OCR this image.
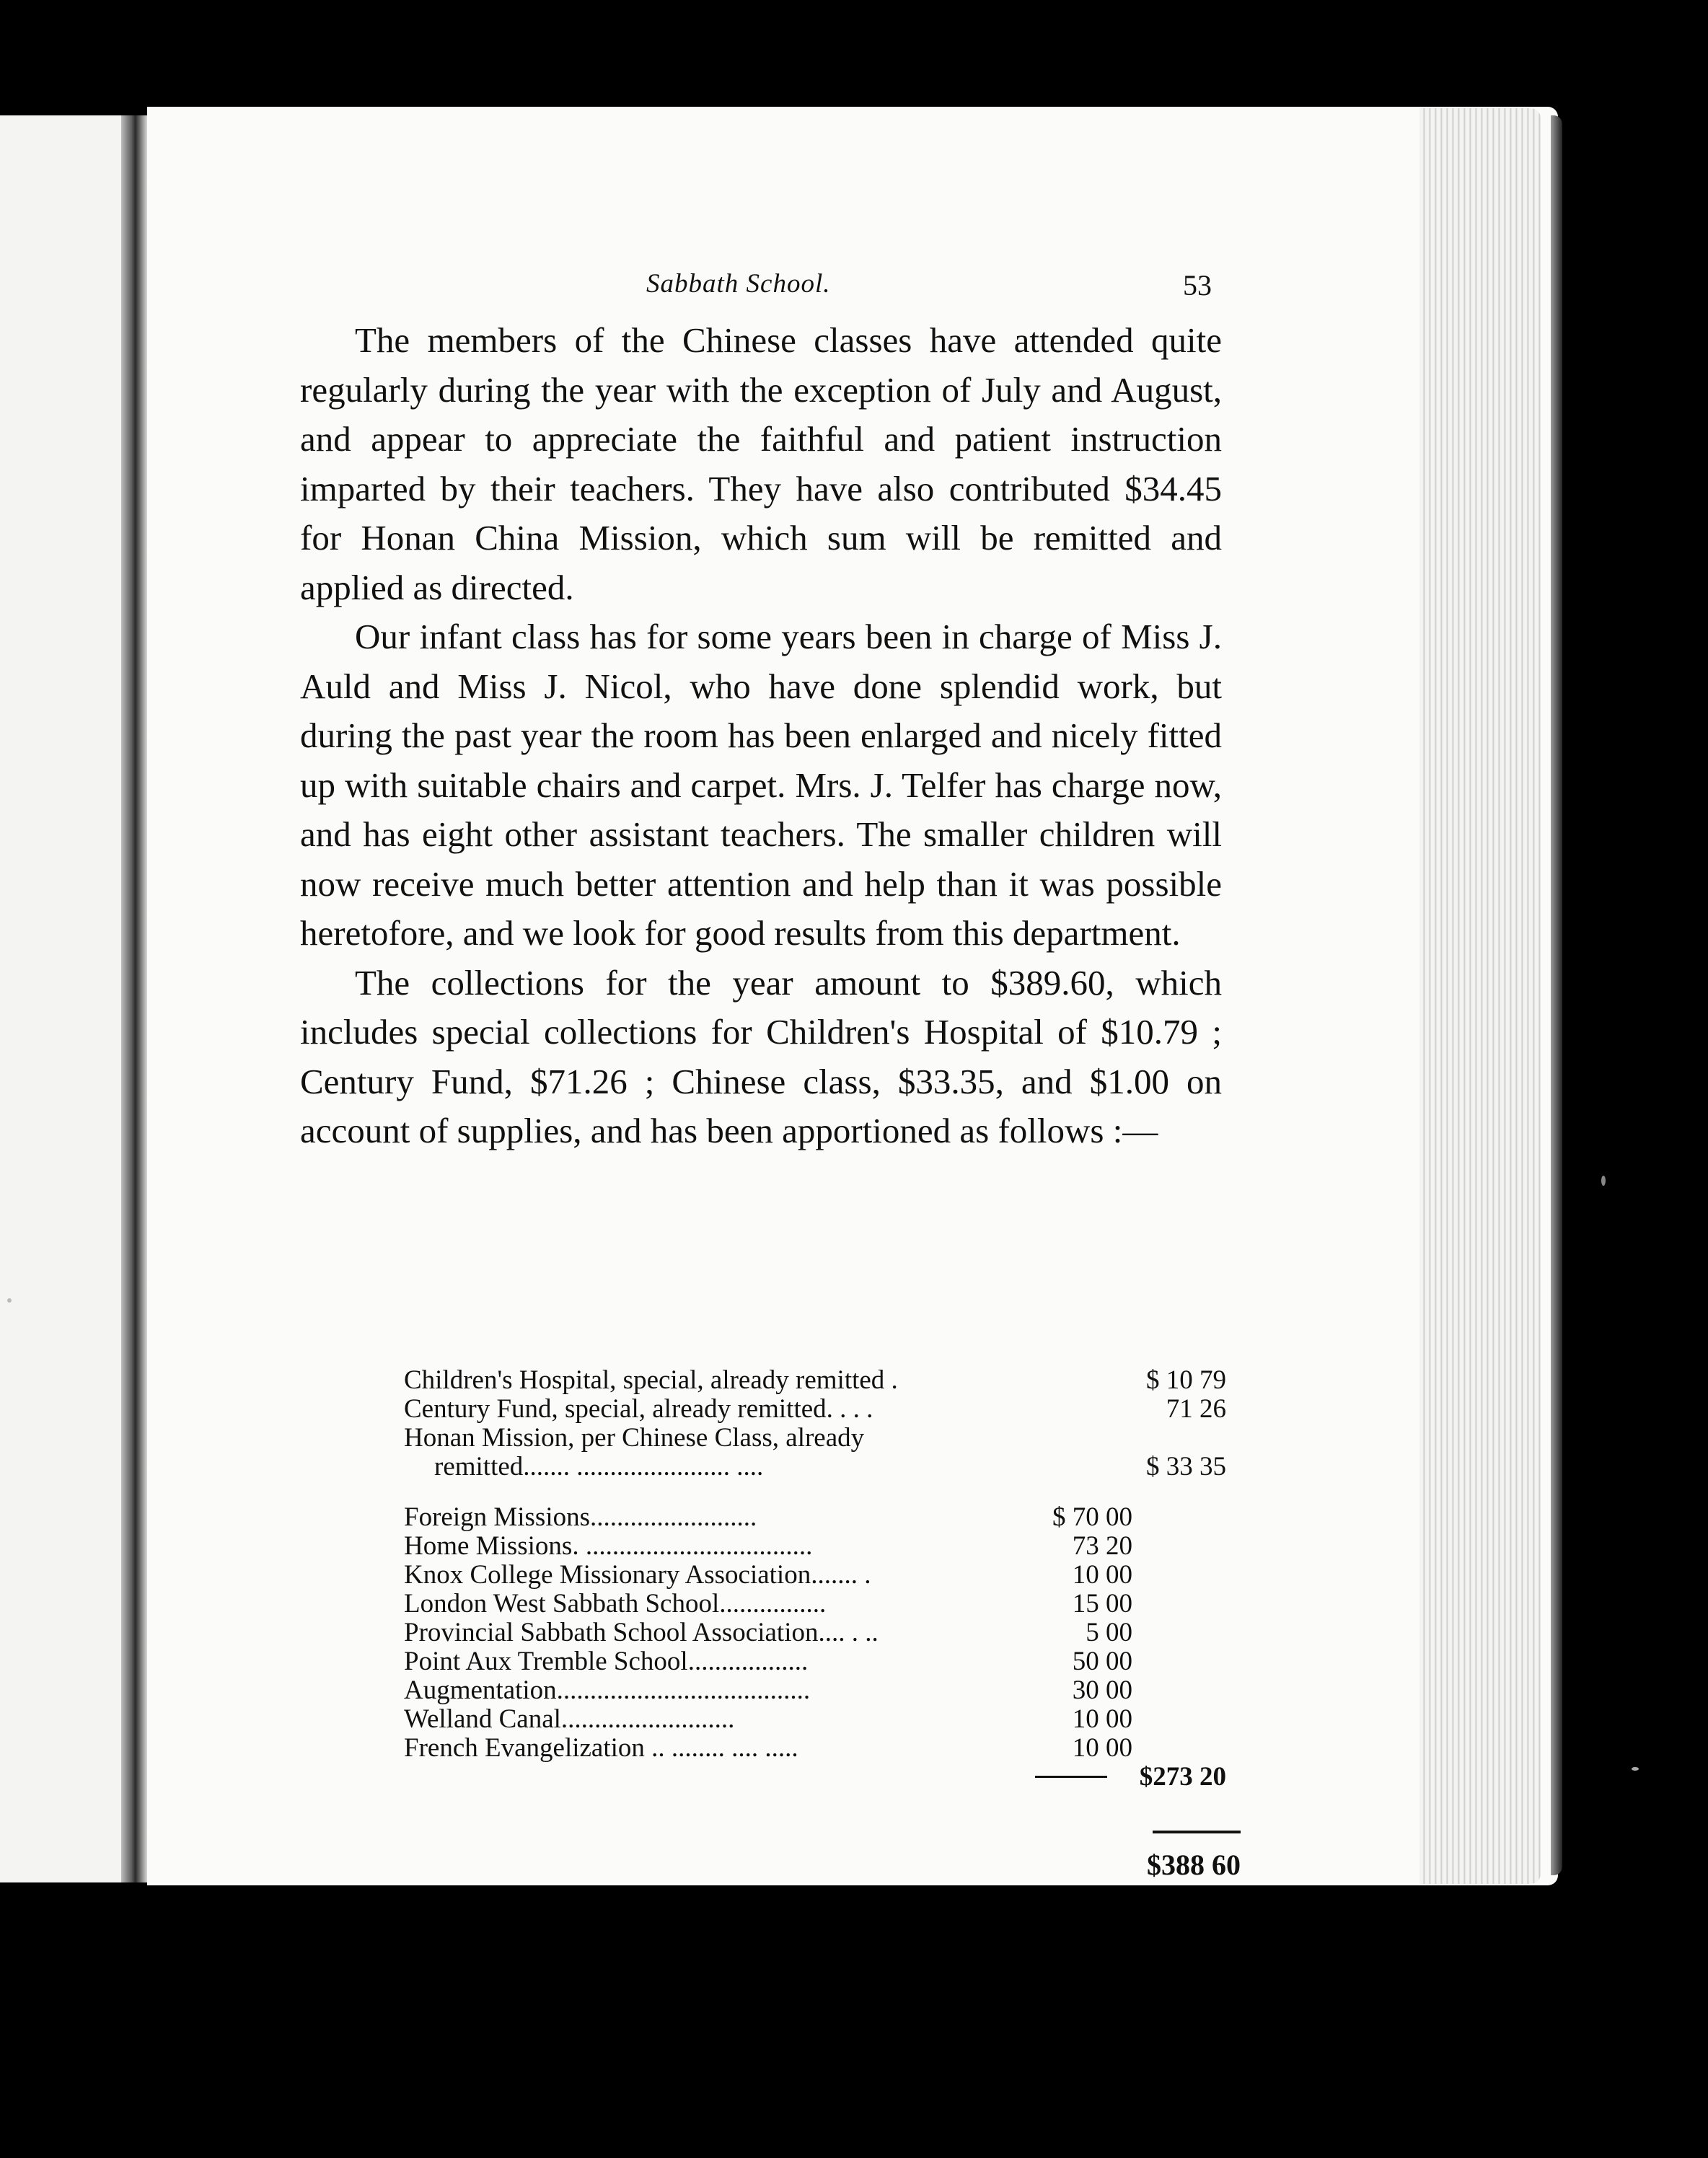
Sabbath School.	53

The members of the Chinese classes have attended quite regularly during the year with the exception of July and August, and appear to appreciate the faithful and patient instruction imparted by their teachers. They have also contributed $34.45 for Honan China Mission, which sum will be remitted and applied as directed.

Our infant class has for some years been in charge of Miss J. Auld and Miss J. Nicol, who have done splendid work, but during the past year the room has been enlarged and nicely fitted up with suitable chairs and carpet. Mrs. J. Telfer has charge now, and has eight other assistant teachers. The smaller children will now receive much better attention and help than it was possible heretofore, and we look for good results from this department.

The collections for the year amount to $389.60, which includes special collections for Children's Hospital of $10.79 ; Century Fund, $71.26 ; Chinese class, $33.35, and $1.00 on account of supplies, and has been apportioned as follows :—

Children's Hospital, special, already remitted .	$ 10 79
Century Fund, special, already remitted. . . .	71 26
Honan Mission, per Chinese Class, already
remitted....... ....................... ....	$ 33 35
Foreign Missions.........................	$ 70 00
Home Missions. ..................................	73 20
Knox College Missionary Association....... .	10 00
London West Sabbath School................	15 00
Provincial Sabbath School Association.... . ..	5 00
Point Aux Tremble School..................	50 00
Augmentation......................................	30 00
Welland Canal..........................	10 00
French Evangelization .. ........ .... .....	10 00
$273 20
$388 60
